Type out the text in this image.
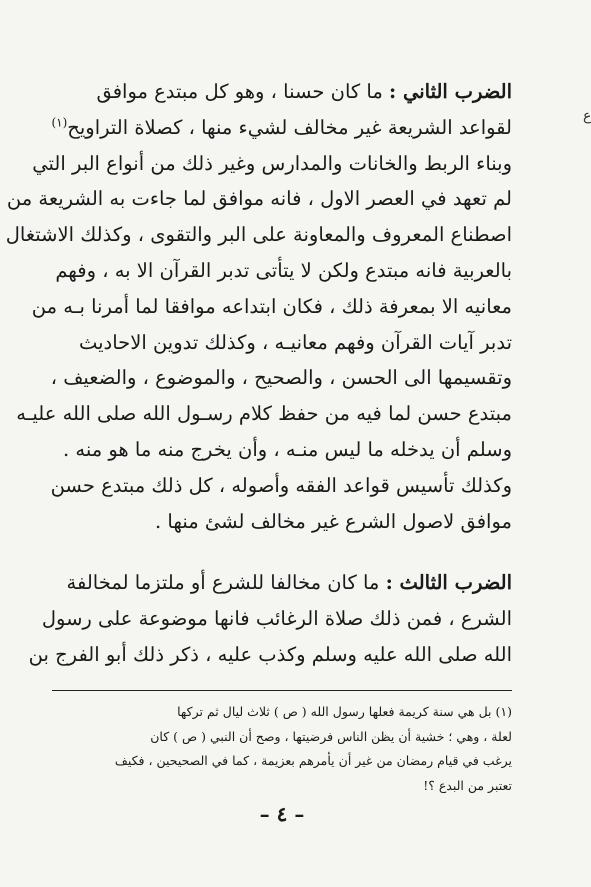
ع
الضرب الثاني : ما كان حسنا ، وهو كل مبتدع موافق
لقواعد الشريعة غير مخالف لشيء منها ، كصلاة التراويح$^{(١)}$
وبناء الربط والخانات والمدارس وغير ذلك من أنواع البر التي
لم تعهد في العصر الاول ، فانه موافق لما جاءت به الشريعة من
اصطناع المعروف والمعاونة على البر والتقوى ، وكذلك الاشتغال
بالعربية فانه مبتدع ولكن لا يتأتى تدبر القرآن الا به ، وفهم
معانيه الا بمعرفة ذلك ، فكان ابتداعه موافقا لما أمرنا بـه من
تدبر آيات القرآن وفهم معانيـه ، وكذلك تدوين الاحاديث
وتقسيمها الى الحسن ، والصحيح ، والموضوع ، والضعيف ،
مبتدع حسن لما فيه من حفظ كلام رسـول الله صلى الله عليـه
وسلم أن يدخله ما ليس منـه ، وأن يخرج منه ما هو منه .
وكذلك تأسيس قواعد الفقه وأصوله ، كل ذلك مبتدع حسن
موافق لاصول الشرع غير مخالف لشئ منها .
الضرب الثالث : ما كان مخالفا للشرع أو ملتزما لمخالفة
الشرع ، فمن ذلك صلاة الرغائب فانها موضوعة على رسول
الله صلى الله عليه وسلم وكذب عليه ، ذكر ذلك أبو الفرج بن
(١) بل هي سنة كريمة فعلها رسول الله ( ص ) ثلاث ليال ثم تركها
لعلة ، وهي ؛ خشية أن يظن الناس فرضيتها ، وصح أن النبي ( ص ) كان
يرغب في قيام رمضان من غير أن يأمرهم بعزيمة ، كما في الصحيحين ، فكيف
تعتبر من البدع ؟!
– ٤ –
